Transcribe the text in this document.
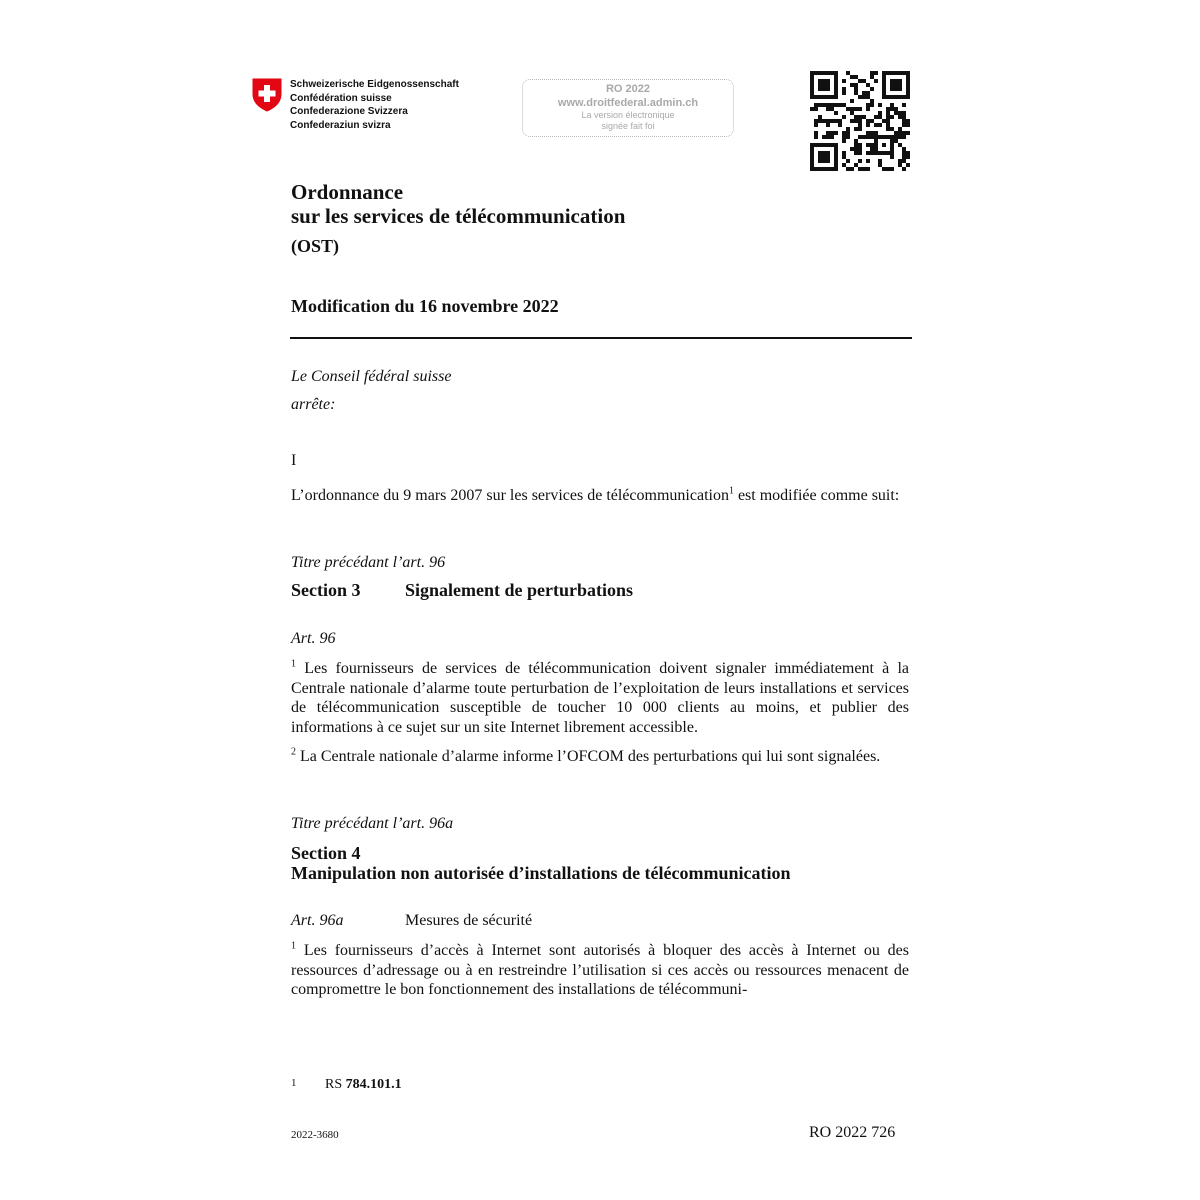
Schweizerische Eidgenossenschaft
Confédération suisse
Confederazione Svizzera
Confederaziun svizra
RO 2022
www.droitfederal.admin.ch
La version électronique
signée fait foi
Ordonnance
sur les services de télécommunication
(OST)
Modification du 16 novembre 2022
Le Conseil fédéral suisse
arrête:
I
L’ordonnance du 9 mars 2007 sur les services de télécommunication$^1$ est modifiée comme suit:
Titre précédant l’art. 96
Section 3 Signalement de perturbations
Art. 96
$^1$ Les fournisseurs de services de télécommunication doivent signaler immédiatement à la Centrale nationale d’alarme toute perturbation de l’exploitation de leurs installations et services de télécommunication susceptible de toucher 10 000 clients au moins, et publier des informations à ce sujet sur un site Internet librement accessible.
$^2$ La Centrale nationale d’alarme informe l’OFCOM des perturbations qui lui sont signalées.
Titre précédant l’art. 96a
Section 4
Manipulation non autorisée d’installations de télécommunication
Art. 96a	Mesures de sécurité
$^1$ Les fournisseurs d’accès à Internet sont autorisés à bloquer des accès à Internet ou des ressources d’adressage ou à en restreindre l’utilisation si ces accès ou ressources menacent de compromettre le bon fonctionnement des installations de télécommuni-
1 RS 784.101.1
2022-3680	RO 2022 726
